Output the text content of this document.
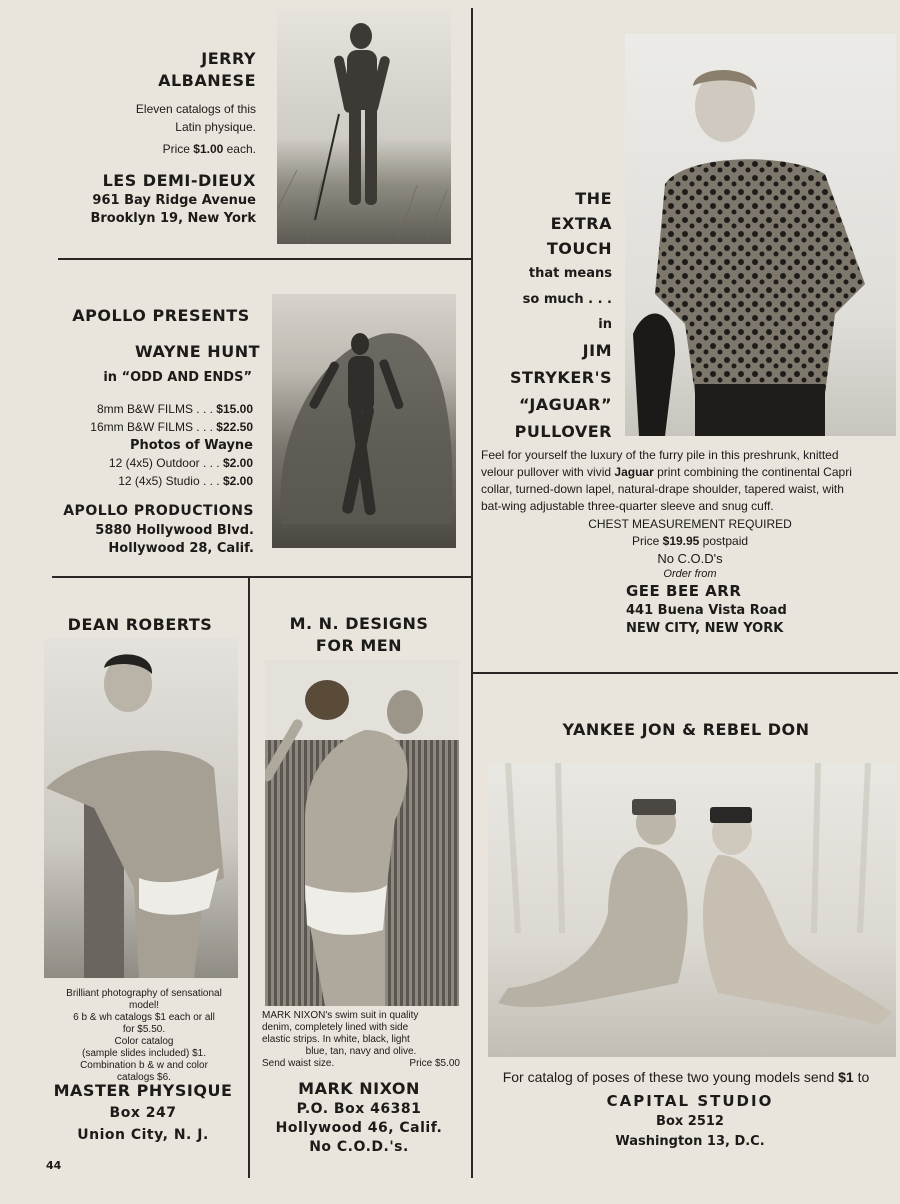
JERRY
ALBANESE
Eleven catalogs of this
Latin physique.
Price $1.00 each.
LES DEMI-DIEUX
961 Bay Ridge Avenue
Brooklyn 19, New York
APOLLO PRESENTS
WAYNE HUNT
in “ODD AND ENDS”
8mm B&W FILMS . . . $15.00
16mm B&W FILMS . . . $22.50
Photos of Wayne
12 (4x5) Outdoor . . . $2.00
12 (4x5) Studio . . . $2.00
APOLLO PRODUCTIONS
5880 Hollywood Blvd.
Hollywood 28, Calif.
THE
EXTRA
TOUCH
that means
so much . . .
in
JIM
STRYKER'S
“JAGUAR”
PULLOVER
Feel for yourself the luxury of the furry pile in this preshrunk, knitted
velour pullover with vivid Jaguar print combining the continental Capri
collar, turned-down lapel, natural-drape shoulder, tapered waist, with
bat-wing adjustable three-quarter sleeve and snug cuff.
CHEST MEASUREMENT REQUIRED
Price $19.95 postpaid
No C.O.D's
Order from
GEE BEE ARR
441 Buena Vista Road
NEW CITY, NEW YORK
DEAN ROBERTS
Brilliant photography of sensational
model!
6 b & wh catalogs $1 each or all
for $5.50.
Color catalog
(sample slides included) $1.
Combination b & w and color
catalogs $6.
MASTER PHYSIQUE
Box 247
Union City, N. J.
M. N. DESIGNS
FOR MEN
MARK NIXON's swim suit in quality
denim, completely lined with side
elastic strips. In white, black, light
blue, tan, navy and olive.
Send waist size.	Price $5.00
MARK NIXON
P.O. Box 46381
Hollywood 46, Calif.
No C.O.D.'s.
YANKEE JON & REBEL DON
For catalog of poses of these two young models send $1 to
CAPITAL STUDIO
Box 2512
Washington 13, D.C.
44
